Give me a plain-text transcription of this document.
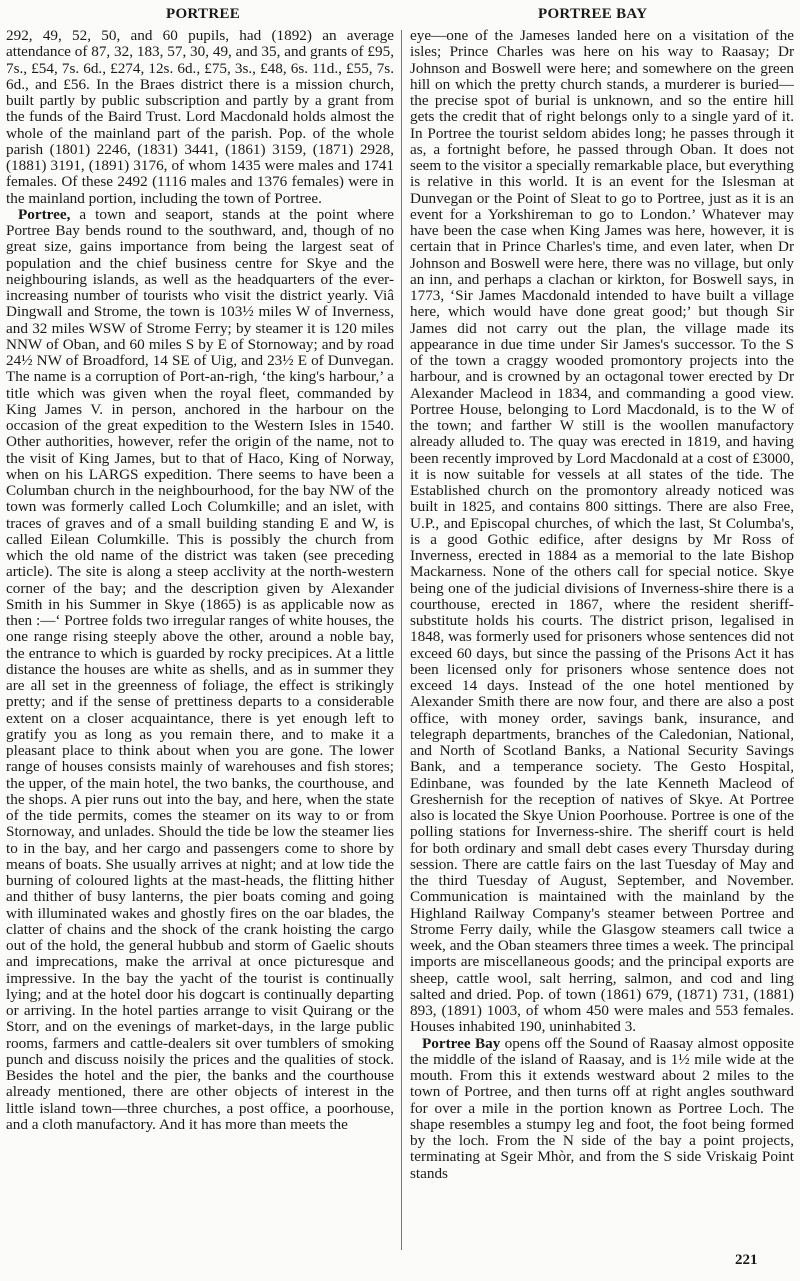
PORTREE	PORTREE BAY

292, 49, 52, 50, and 60 pupils, had (1892) an average attendance of 87, 32, 183, 57, 30, 49, and 35, and grants of £95, 7s., £54, 7s. 6d., £274, 12s. 6d., £75, 3s., £48, 6s. 11d., £55, 7s. 6d., and £56. In the Braes district there is a mission church, built partly by public subscription and partly by a grant from the funds of the Baird Trust. Lord Macdonald holds almost the whole of the mainland part of the parish. Pop. of the whole parish (1801) 2246, (1831) 3441, (1861) 3159, (1871) 2928, (1881) 3191, (1891) 3176, of whom 1435 were males and 1741 females. Of these 2492 (1116 males and 1376 females) were in the mainland portion, including the town of Portree.

Portree, a town and seaport, stands at the point where Portree Bay bends round to the southward, and, though of no great size, gains importance from being the largest seat of population and the chief business centre for Skye and the neighbouring islands, as well as the headquarters of the ever-increasing number of tourists who visit the district yearly. Viâ Dingwall and Strome, the town is 103½ miles W of Inverness, and 32 miles WSW of Strome Ferry; by steamer it is 120 miles NNW of Oban, and 60 miles S by E of Stornoway; and by road 24½ NW of Broadford, 14 SE of Uig, and 23½ E of Dunvegan. The name is a corruption of Port-an-righ, ‘the king's harbour,’ a title which was given when the royal fleet, commanded by King James V. in person, anchored in the harbour on the occasion of the great expedition to the Western Isles in 1540. Other authorities, however, refer the origin of the name, not to the visit of King James, but to that of Haco, King of Norway, when on his LARGS expedition. There seems to have been a Columban church in the neighbourhood, for the bay NW of the town was formerly called Loch Columkille; and an islet, with traces of graves and of a small building standing E and W, is called Eilean Columkille. This is possibly the church from which the old name of the district was taken (see preceding article). The site is along a steep acclivity at the north-western corner of the bay; and the description given by Alexander Smith in his Summer in Skye (1865) is as applicable now as then :—‘ Portree folds two irregular ranges of white houses, the one range rising steeply above the other, around a noble bay, the entrance to which is guarded by rocky precipices. At a little distance the houses are white as shells, and as in summer they are all set in the greenness of foliage, the effect is strikingly pretty; and if the sense of prettiness departs to a considerable extent on a closer acquaintance, there is yet enough left to gratify you as long as you remain there, and to make it a pleasant place to think about when you are gone. The lower range of houses consists mainly of warehouses and fish stores; the upper, of the main hotel, the two banks, the courthouse, and the shops. A pier runs out into the bay, and here, when the state of the tide permits, comes the steamer on its way to or from Stornoway, and unlades. Should the tide be low the steamer lies to in the bay, and her cargo and passengers come to shore by means of boats. She usually arrives at night; and at low tide the burning of coloured lights at the mast-heads, the flitting hither and thither of busy lanterns, the pier boats coming and going with illuminated wakes and ghostly fires on the oar blades, the clatter of chains and the shock of the crank hoisting the cargo out of the hold, the general hubbub and storm of Gaelic shouts and imprecations, make the arrival at once picturesque and impressive. In the bay the yacht of the tourist is continually lying; and at the hotel door his dogcart is continually departing or arriving. In the hotel parties arrange to visit Quirang or the Storr, and on the evenings of market-days, in the large public rooms, farmers and cattle-dealers sit over tumblers of smoking punch and discuss noisily the prices and the qualities of stock. Besides the hotel and the pier, the banks and the courthouse already mentioned, there are other objects of interest in the little island town—three churches, a post office, a poorhouse, and a cloth manufactory. And it has more than meets the

eye—one of the Jameses landed here on a visitation of the isles; Prince Charles was here on his way to Raasay; Dr Johnson and Boswell were here; and somewhere on the green hill on which the pretty church stands, a murderer is buried—the precise spot of burial is unknown, and so the entire hill gets the credit that of right belongs only to a single yard of it. In Portree the tourist seldom abides long; he passes through it as, a fortnight before, he passed through Oban. It does not seem to the visitor a specially remarkable place, but everything is relative in this world. It is an event for the Islesman at Dunvegan or the Point of Sleat to go to Portree, just as it is an event for a Yorkshireman to go to London.’ Whatever may have been the case when King James was here, however, it is certain that in Prince Charles's time, and even later, when Dr Johnson and Boswell were here, there was no village, but only an inn, and perhaps a clachan or kirkton, for Boswell says, in 1773, ‘Sir James Macdonald intended to have built a village here, which would have done great good;’ but though Sir James did not carry out the plan, the village made its appearance in due time under Sir James's successor. To the S of the town a craggy wooded promontory projects into the harbour, and is crowned by an octagonal tower erected by Dr Alexander Macleod in 1834, and commanding a good view. Portree House, belonging to Lord Macdonald, is to the W of the town; and farther W still is the woollen manufactory already alluded to. The quay was erected in 1819, and having been recently improved by Lord Macdonald at a cost of £3000, it is now suitable for vessels at all states of the tide. The Established church on the promontory already noticed was built in 1825, and contains 800 sittings. There are also Free, U.P., and Episcopal churches, of which the last, St Columba's, is a good Gothic edifice, after designs by Mr Ross of Inverness, erected in 1884 as a memorial to the late Bishop Mackarness. None of the others call for special notice. Skye being one of the judicial divisions of Inverness-shire there is a courthouse, erected in 1867, where the resident sheriff-substitute holds his courts. The district prison, legalised in 1848, was formerly used for prisoners whose sentences did not exceed 60 days, but since the passing of the Prisons Act it has been licensed only for prisoners whose sentence does not exceed 14 days. Instead of the one hotel mentioned by Alexander Smith there are now four, and there are also a post office, with money order, savings bank, insurance, and telegraph departments, branches of the Caledonian, National, and North of Scotland Banks, a National Security Savings Bank, and a temperance society. The Gesto Hospital, Edinbane, was founded by the late Kenneth Macleod of Greshernish for the reception of natives of Skye. At Portree also is located the Skye Union Poorhouse. Portree is one of the polling stations for Inverness-shire. The sheriff court is held for both ordinary and small debt cases every Thursday during session. There are cattle fairs on the last Tuesday of May and the third Tuesday of August, September, and November. Communication is maintained with the mainland by the Highland Railway Company's steamer between Portree and Strome Ferry daily, while the Glasgow steamers call twice a week, and the Oban steamers three times a week. The principal imports are miscellaneous goods; and the principal exports are sheep, cattle wool, salt herring, salmon, and cod and ling salted and dried. Pop. of town (1861) 679, (1871) 731, (1881) 893, (1891) 1003, of whom 450 were males and 553 females. Houses inhabited 190, uninhabited 3.

Portree Bay opens off the Sound of Raasay almost opposite the middle of the island of Raasay, and is 1½ mile wide at the mouth. From this it extends westward about 2 miles to the town of Portree, and then turns off at right angles southward for over a mile in the portion known as Portree Loch. The shape resembles a stumpy leg and foot, the foot being formed by the loch. From the N side of the bay a point projects, terminating at Sgeir Mhòr, and from the S side Vriskaig Point stands

221
